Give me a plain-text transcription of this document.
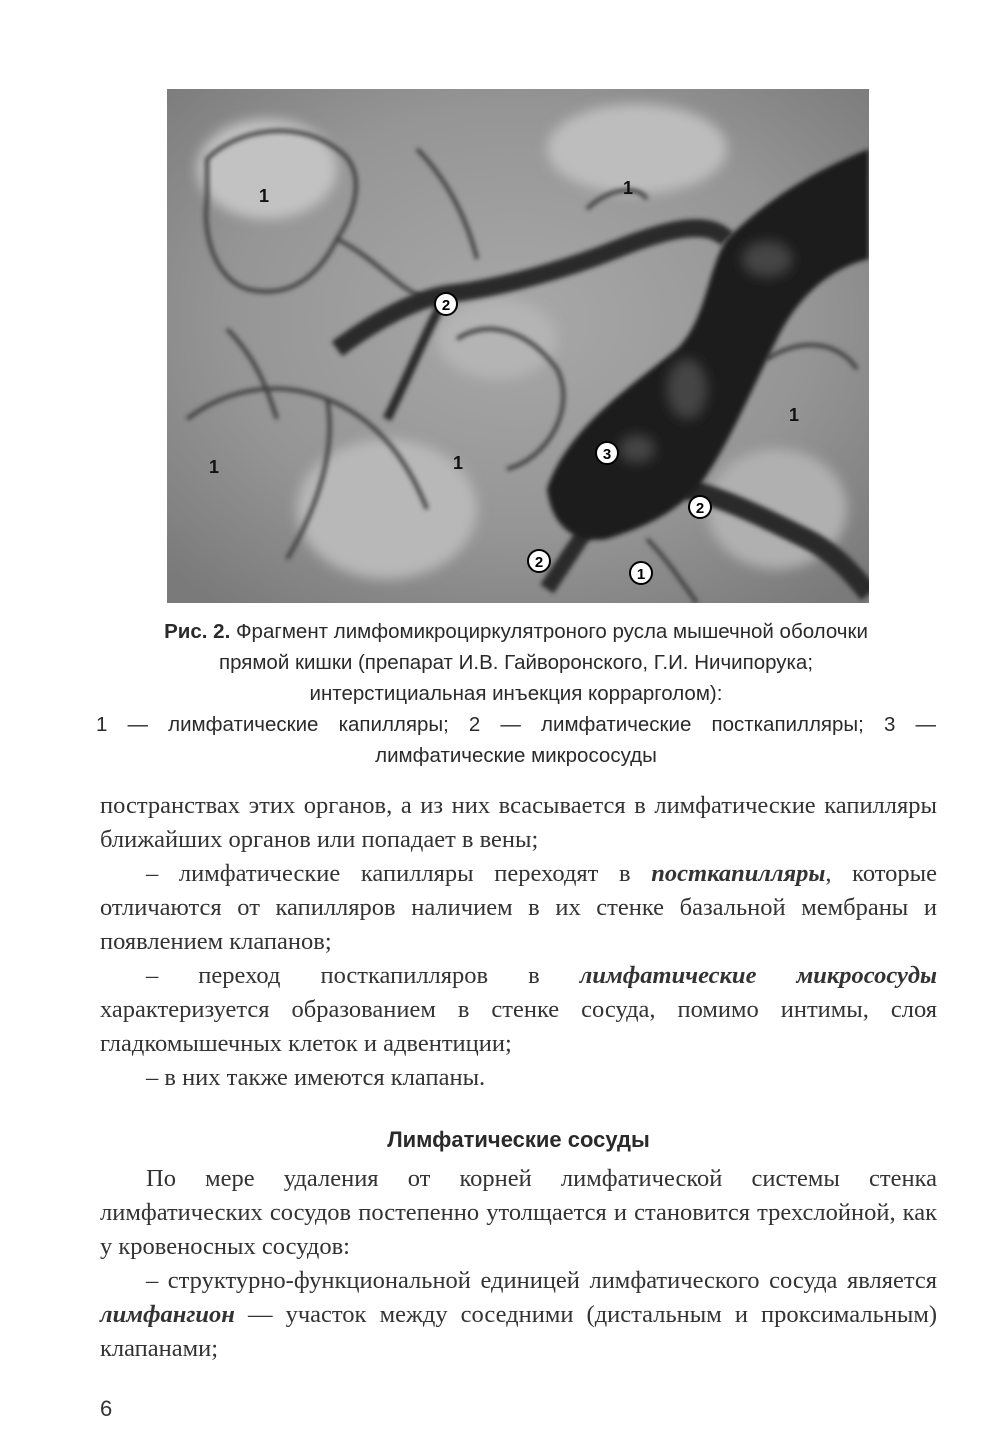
2
3
2
2
1
1	1
1	1
1
Рис. 2. Фрагмент лимфомикроциркулятроного русла мышечной оболочки
прямой кишки (препарат И.В. Гайворонского, Г.И. Ничипорука;
интерстициальная инъекция коррарголом):
1 — лимфатические капилляры; 2 — лимфатические посткапилляры; 3 —
лимфатические микрососуды

постранствах этих органов, а из них всасывается в лимфатические капилляры ближайших органов или попадает в вены;

– лимфатические капилляры переходят в посткапилляры, которые отличаются от капилляров наличием в их стенке базальной мембраны и появлением клапанов;

– переход посткапилляров в лимфатические микрососуды характеризуется образованием в стенке сосуда, помимо интимы, слоя гладкомышечных клеток и адвентиции;

– в них также имеются клапаны.

Лимфатические сосуды

По мере удаления от корней лимфатической системы стенка лимфатических сосудов постепенно утолщается и становится трехслойной, как у кровеносных сосудов:

– структурно-функциональной единицей лимфатического сосуда является лимфангион — участок между соседними (дистальным и проксимальным) клапанами;

6
